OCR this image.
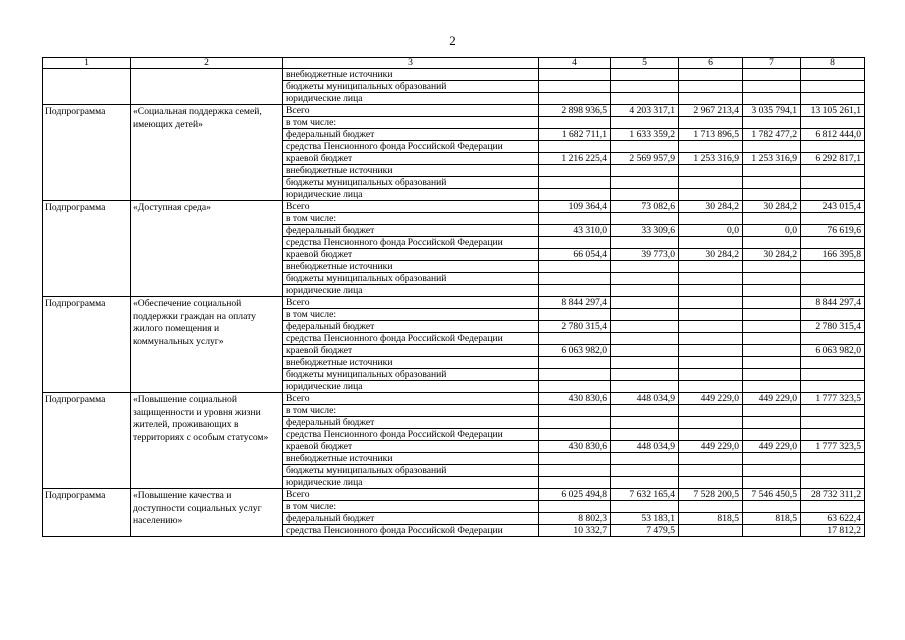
2
1	2	3	4	5	6	7	8
		внебюджетные источники					
		бюджеты муниципальных образований					
		юридические лица					
Подпрограмма	«Социальная поддержка семей, имеющих детей»	Всего	2 898 936,5	4 203 317,1	2 967 213,4	3 035 794,1	13 105 261,1
		в том числе:					
		федеральный бюджет	1 682 711,1	1 633 359,2	1 713 896,5	1 782 477,2	6 812 444,0
		средства Пенсионного фонда Российской Федерации					
		краевой бюджет	1 216 225,4	2 569 957,9	1 253 316,9	1 253 316,9	6 292 817,1
		внебюджетные источники					
		бюджеты муниципальных образований					
		юридические лица					
Подпрограмма	«Доступная среда»	Всего	109 364,4	73 082,6	30 284,2	30 284,2	243 015,4
		в том числе:					
		федеральный бюджет	43 310,0	33 309,6	0,0	0,0	76 619,6
		средства Пенсионного фонда Российской Федерации					
		краевой бюджет	66 054,4	39 773,0	30 284,2	30 284,2	166 395,8
		внебюджетные источники					
		бюджеты муниципальных образований					
		юридические лица					
Подпрограмма	«Обеспечение социальной поддержки граждан на оплату жилого помещения и коммунальных услуг»	Всего	8 844 297,4				8 844 297,4
		в том числе:					
		федеральный бюджет	2 780 315,4				2 780 315,4
		средства Пенсионного фонда Российской Федерации					
		краевой бюджет	6 063 982,0				6 063 982,0
		внебюджетные источники					
		бюджеты муниципальных образований					
		юридические лица					
Подпрограмма	«Повышение социальной защищенности и уровня жизни жителей, проживающих в территориях с особым статусом»	Всего	430 830,6	448 034,9	449 229,0	449 229,0	1 777 323,5
		в том числе:					
		федеральный бюджет					
		средства Пенсионного фонда Российской Федерации					
		краевой бюджет	430 830,6	448 034,9	449 229,0	449 229,0	1 777 323,5
		внебюджетные источники					
		бюджеты муниципальных образований					
		юридические лица					
Подпрограмма	«Повышение качества и доступности социальных услуг населению»	Всего	6 025 494,8	7 632 165,4	7 528 200,5	7 546 450,5	28 732 311,2
		в том числе:					
		федеральный бюджет	8 802,3	53 183,1	818,5	818,5	63 622,4
		средства Пенсионного фонда Российской Федерации	10 332,7	7 479,5			17 812,2
